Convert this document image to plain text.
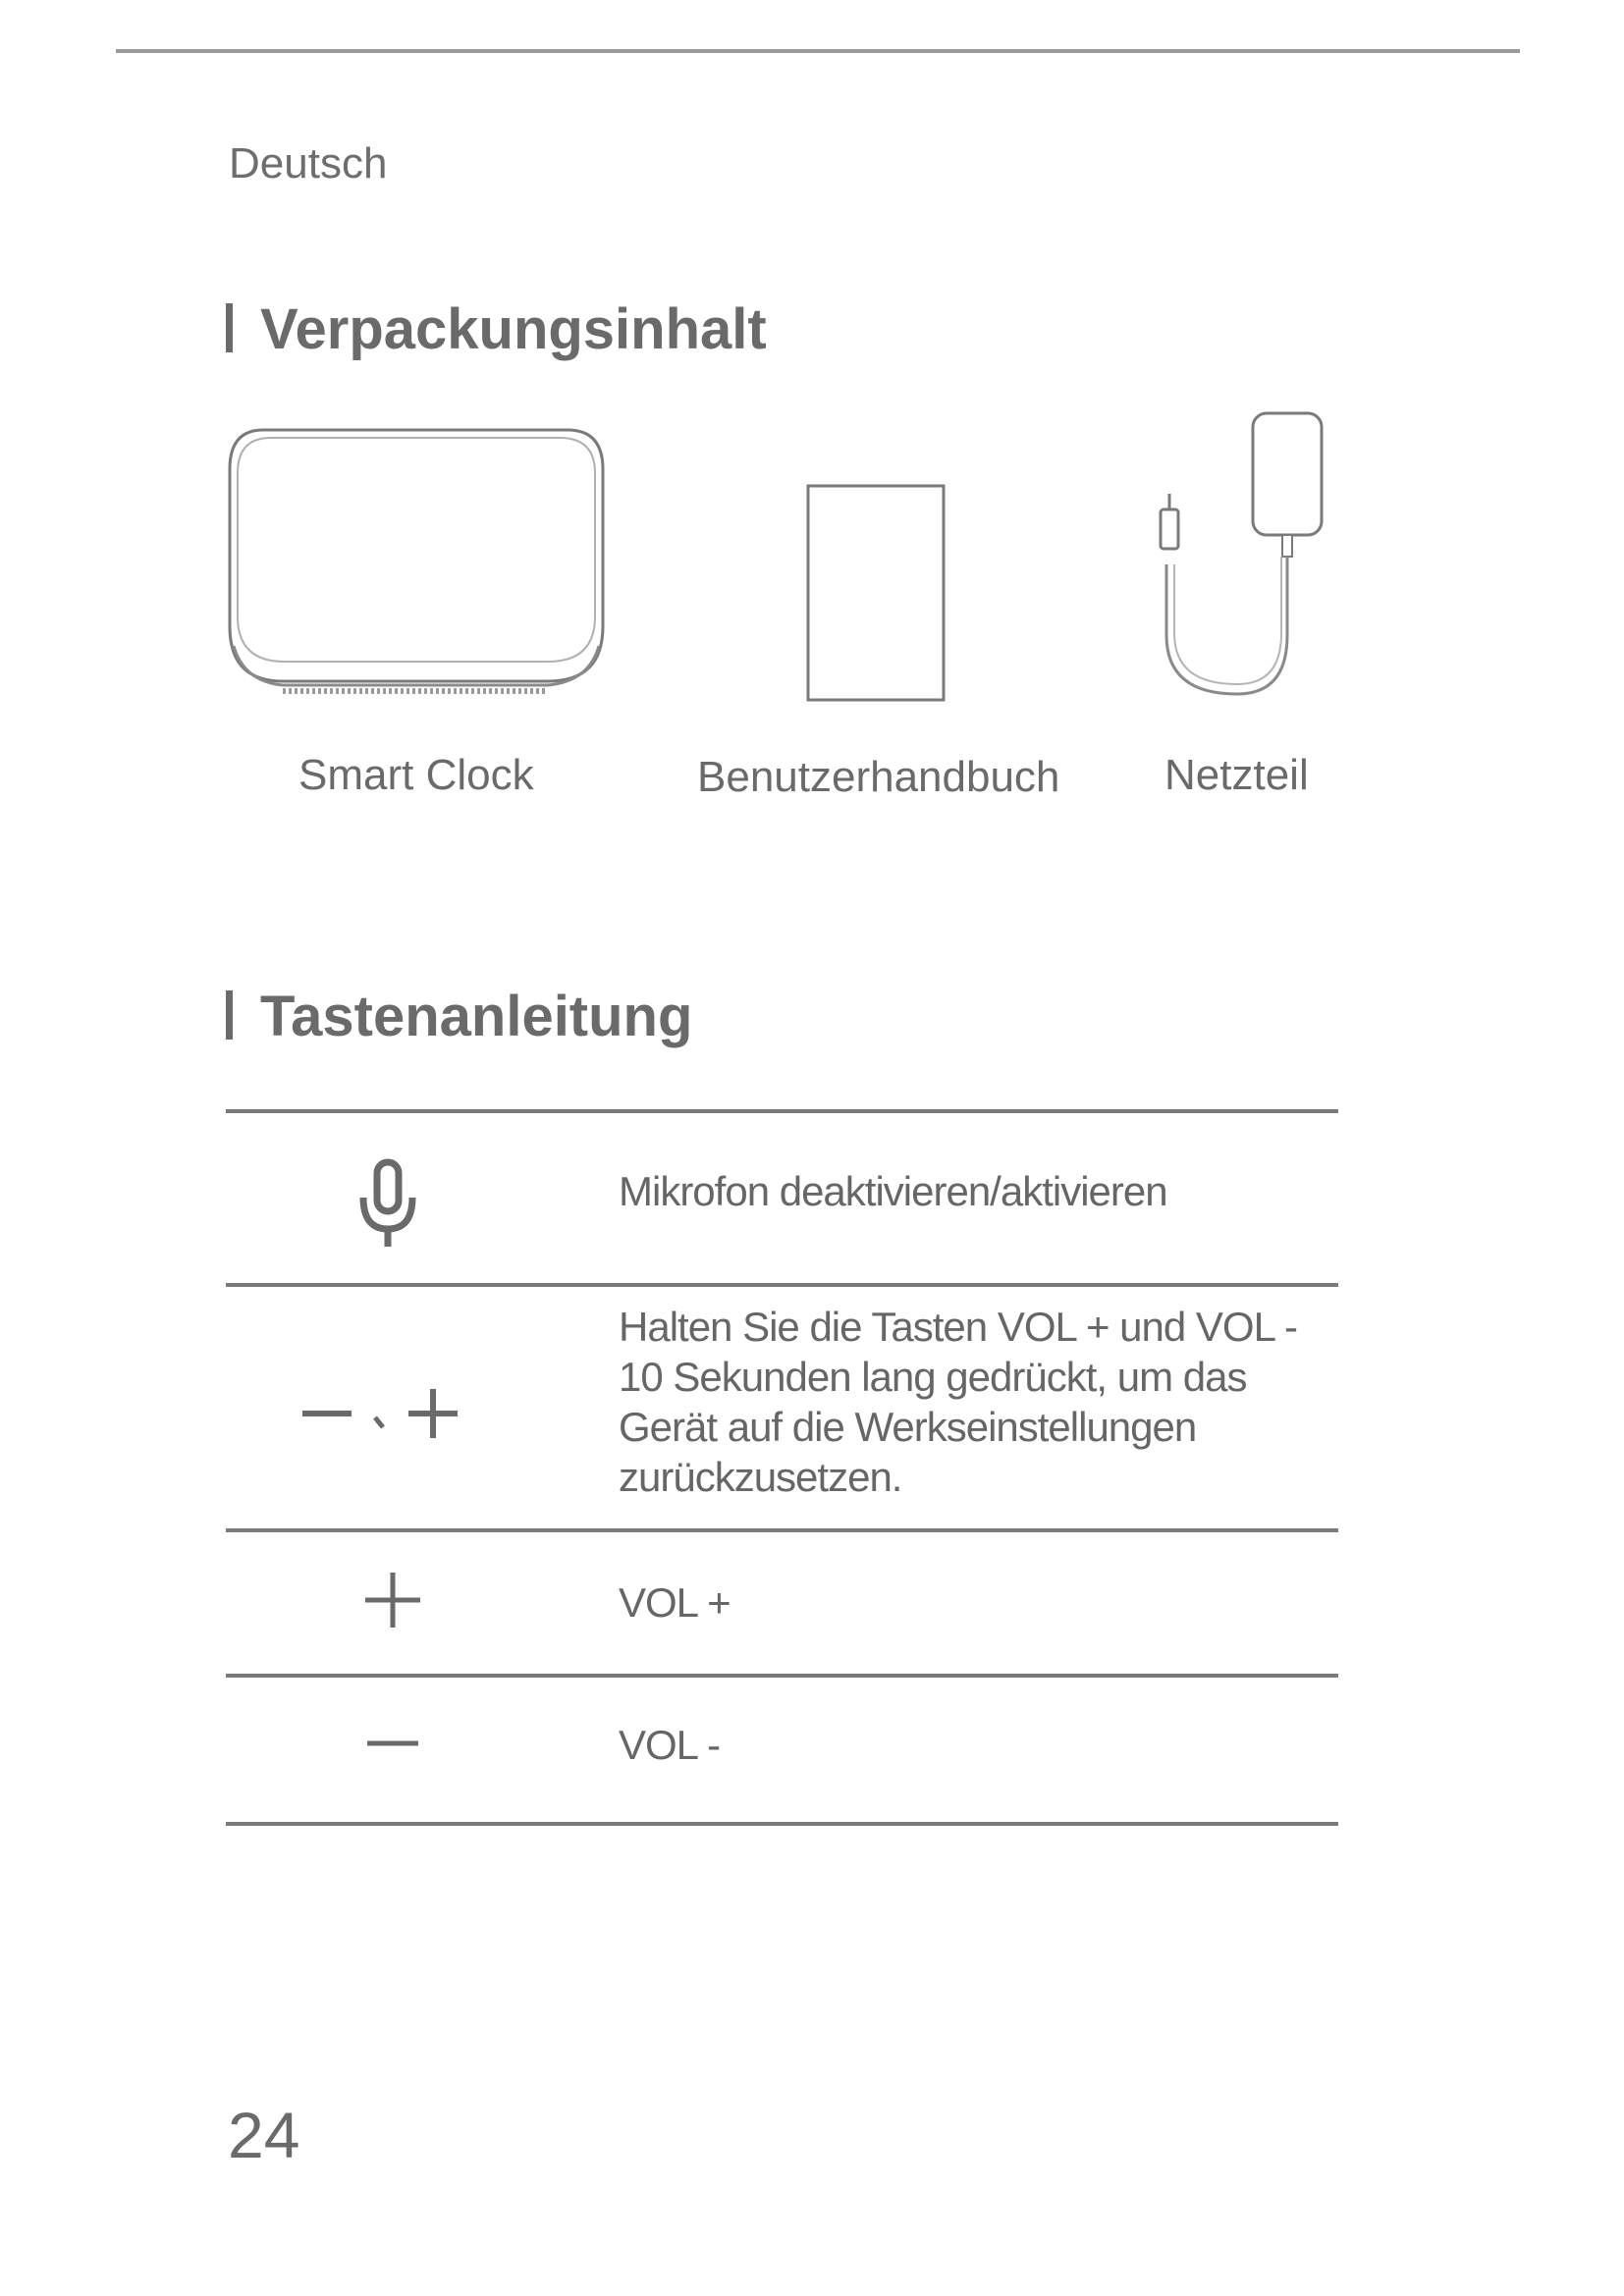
Deutsch
Verpackungsinhalt
Smart Clock	Benutzerhandbuch Netzteil
Tastenanleitung
Mikrofon deaktivieren/aktivieren
Halten Sie die Tasten VOL + und VOL -
10 Sekunden lang gedrückt, um das
Gerät auf die Werkseinstellungen
zurückzusetzen.
VOL +
VOL -
24
